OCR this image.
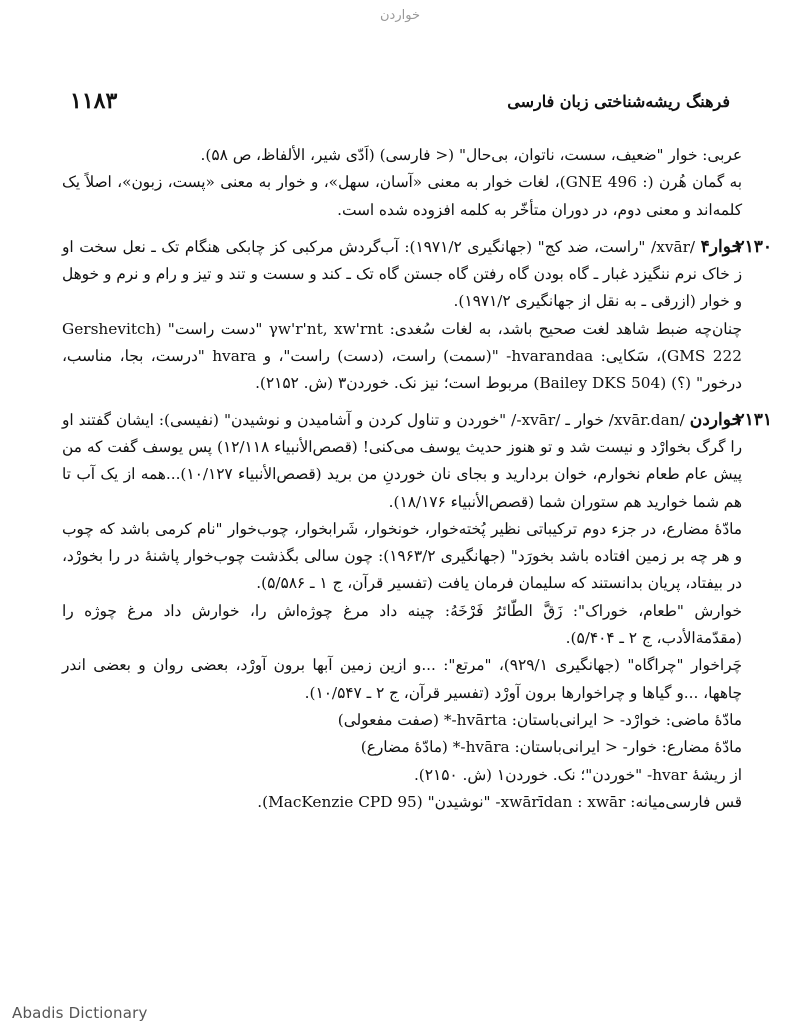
خواردن
۱۱۸۳	فرهنگ ریشه‌شناختی زبان فارسی

عربی: خوار "ضعیف، سست، ناتوان، بی‌حال" (< فارسی) (اَدّی شیر، الألفاظ، ص ۵۸).

به گمان هُرن (: GNE 496)، لغات خوار به معنی «آسان، سهل»، و خوار به معنی «پست، زبون»، اصلاً یک کلمه‌اند و معنی دوم، در دوران متأخّر به کلمه افزوده شده است.

۲۱۳۰

خوار۴ /xvār/ "راست، ضد کج" (جهانگیری ۱۹۷۱/۲): آب‌گردش مرکبی کز چابکی هنگام تک ـ نعل سخت او ز خاک نرم ننگیزد غبار ـ گاه بودن گاه رفتن گاه جستن گاه تک ـ کند و سست و تند و تیز و رام و نرم و خوهل و خوار (ازرقی ـ به نقل از جهانگیری ۱۹۷۱/۲).

چنان‌چه ضبط شاهد لغت صحیح باشد، به لغات سُغدی: γw'r'nt, xw'rnt "دست راست" (Gershevitch GMS 222)، سَکایی: hvarandaa- "(سمت) راست، (دست) راست"، و hvara "درست، بجا، مناسب، درخور" (؟) (Bailey DKS 504) مربوط است؛ نیز نک. خوردن۳ (ش. ۲۱۵۲).

۲۱۳۱

خواردن /xvār.dan/ خوار ـ /xvār-/ "خوردن و تناول کردن و آشامیدن و نوشیدن" (نفیسی): ایشان گفتند او را گرگ بخوارْد و نیست شد و تو هنوز حدیث یوسف می‌کنی! (قصص‌الأنبیاء ۱۲/۱۱۸) پس یوسف گفت که من پیش عام طعام نخوارم، خوان برداريد و بجای نان خوردنِ من بريد (قصص‌الأنبیاء ۱۰/۱۲۷)...همه از یک آب تا هم شما خوارید هم ستوران شما (قصص‌الأنبیاء ۱۸/۱۷۶).

مادّهٔ مضارع، در جزء دوم ترکیباتی نظیر پُخته‌خوار، خونخوار، شَرابخوار، چوب‌خوار "نام کرمی باشد که چوب و هر چه بر زمین افتاده باشد بخورَد" (جهانگیری ۱۹۶۳/۲): چون سالی بگذشت چوب‌خوار پاشنهٔ در را بخورْد، در بیفتاد، پریان بدانستند که سلیمان فرمان یافت (تفسیر قرآن، ج ۱ ـ ۵/۵۸۶).

خوارش "طعام، خوراک": زَقَّ الطّائرُ فَرْخَهُ: چینه داد مرغ چوژه‌اش را، خوارش داد مرغ چوژه را (مقدّمةالأدب، ج ۲ ـ ۵/۴۰۴).

چَراخوار "چراگاه" (جهانگیری ۹۲۹/۱)، "مرتع": ...و ازین زمین آبها برون آورْد، بعضی روان و بعضی اندر چاهها، ...و گیاها و چراخوارها برون آورْد (تفسیر قرآن، ج ۲ ـ ۱۰/۵۴۷).

مادّهٔ ماضی: خوارْد- < ایرانی‌باستان: hvārta-* (صفت مفعولی)

مادّهٔ مضارع: خوار- < ایرانی‌باستان: hvāra-* (مادّهٔ مضارع)

از ریشهٔ hvar- "خوردن"؛ نک. خوردن۱ (ش. ۲۱۵۰).

قس فارسی‌میانه: xwārīdan : xwār- "نوشیدن" (MacKenzie CPD 95).

Abadis Dictionary
